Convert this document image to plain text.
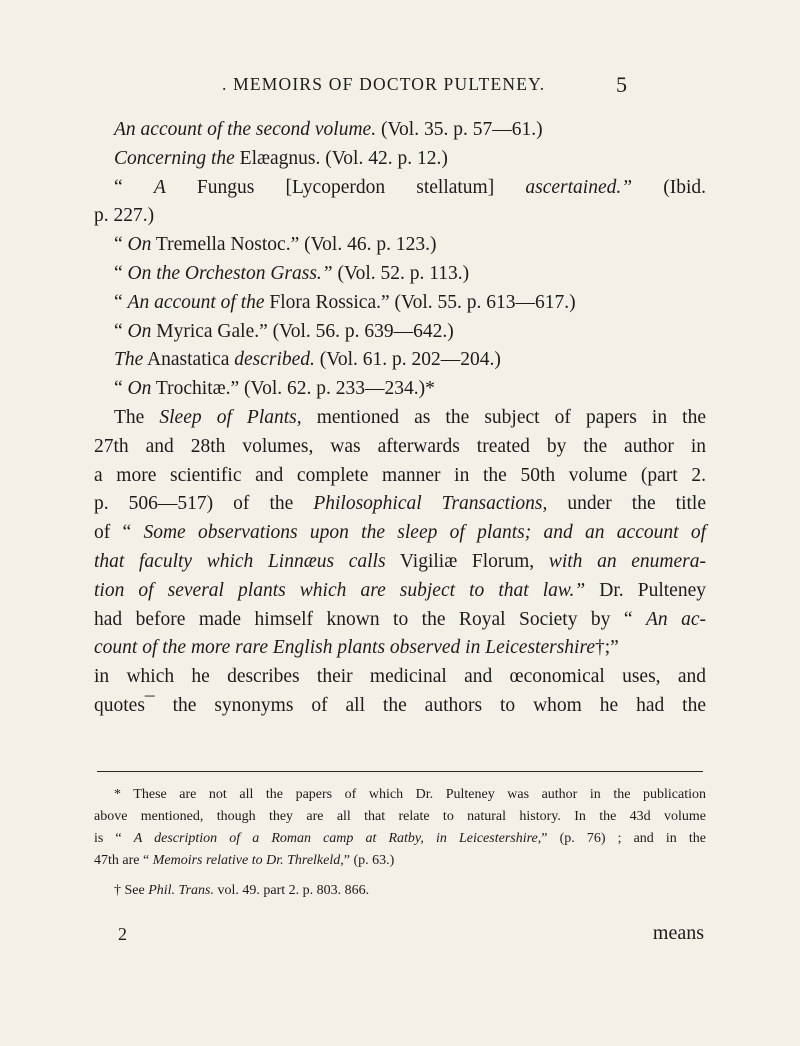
. MEMOIRS OF DOCTOR PULTENEY.	5
An account of the second volume. (Vol. 35. p. 57—61.)
Concerning the Elæagnus. (Vol. 42. p. 12.)
“ A Fungus [Lycoperdon stellatum] ascertained.” (Ibid.
p. 227.)
“ On Tremella Nostoc.” (Vol. 46. p. 123.)
“ On the Orcheston Grass.” (Vol. 52. p. 113.)
“ An account of the Flora Rossica.” (Vol. 55. p. 613—617.)
“ On Myrica Gale.” (Vol. 56. p. 639—642.)
The Anastatica described. (Vol. 61. p. 202—204.)
“ On Trochitæ.” (Vol. 62. p. 233—234.)*
The Sleep of Plants, mentioned as the subject of papers in the
27th and 28th volumes, was afterwards treated by the author in
a more scientific and complete manner in the 50th volume (part 2.
p. 506—517) of the Philosophical Transactions, under the title
of “ Some observations upon the sleep of plants; and an account of
that faculty which Linnæus calls Vigiliæ Florum, with an enumera-
tion of several plants which are subject to that law.” Dr. Pulteney
had before made himself known to the Royal Society by “ An ac-
count of the more rare English plants observed in Leicestershire†;”
in which he describes their medicinal and œconomical uses, and
quotes¯ the synonyms of all the authors to whom he had the
* These are not all the papers of which Dr. Pulteney was author in the publication
above mentioned, though they are all that relate to natural history. In the 43d volume
is “ A description of a Roman camp at Ratby, in Leicestershire,” (p. 76) ; and in the
47th are “ Memoirs relative to Dr. Threlkeld,” (p. 63.)
† See Phil. Trans. vol. 49. part 2. p. 803. 866.
2	means
